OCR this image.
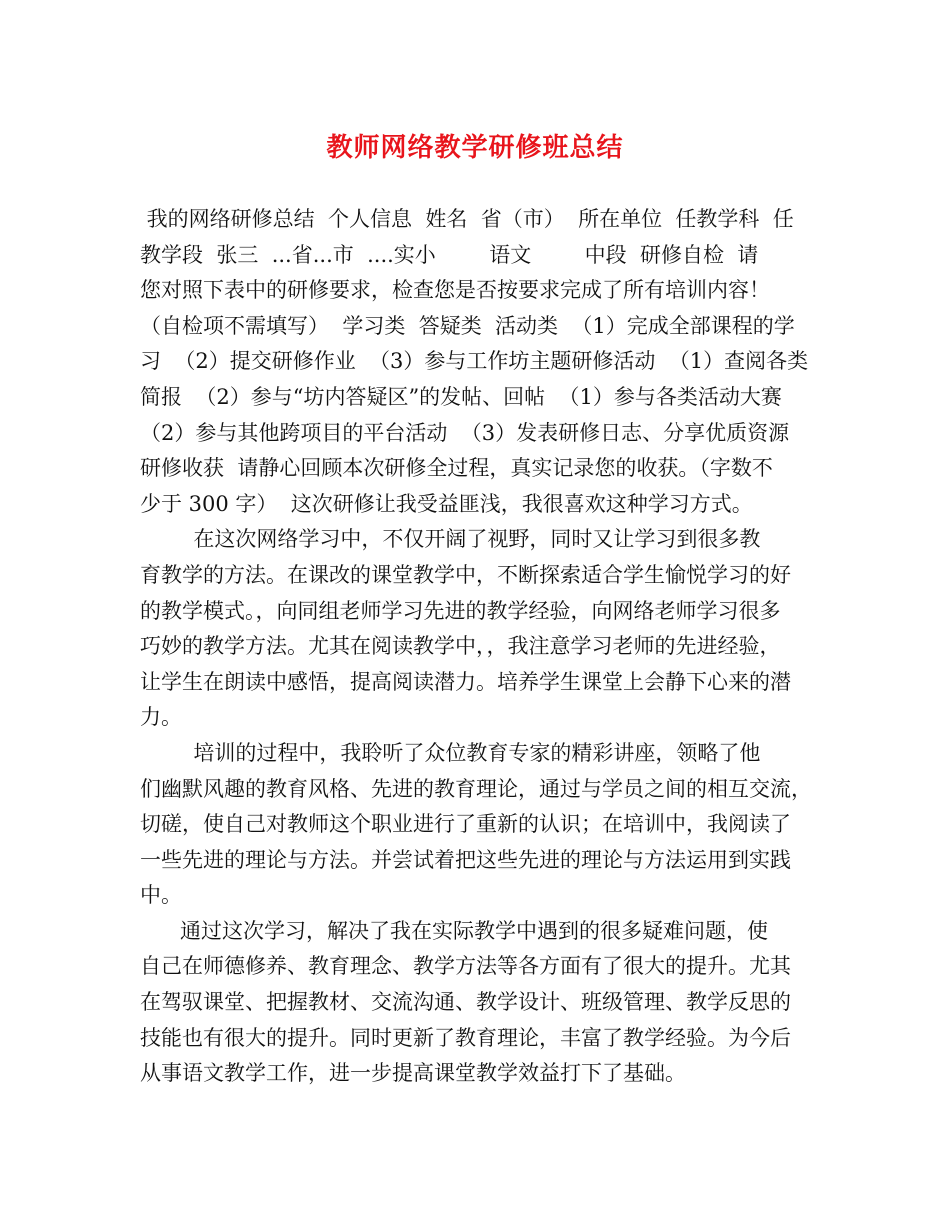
教师网络教学研修班总结
我的网络研修总结  个人信息  姓名  省（市）  所在单位  任教学科  任
教学段  张三  ...省...市  ....实小        语文        中段  研修自检  请
您对照下表中的研修要求，检查您是否按要求完成了所有培训内容！
（自检项不需填写）  学习类  答疑类  活动类  （1）完成全部课程的学
习  （2）提交研修作业  （3）参与工作坊主题研修活动  （1）查阅各类
简报  （2）参与“坊内答疑区”的发帖、回帖  （1）参与各类活动大赛
（2）参与其他跨项目的平台活动  （3）发表研修日志、分享优质资源
研修收获  请静心回顾本次研修全过程，真实记录您的收获。（字数不
少于 300 字）  这次研修让我受益匪浅，我很喜欢这种学习方式。
在这次网络学习中，不仅开阔了视野，同时又让学习到很多教
育教学的方法。在课改的课堂教学中，不断探索适合学生愉悦学习的好
的教学模式。，向同组老师学习先进的教学经验，向网络老师学习很多
巧妙的教学方法。尤其在阅读教学中，，我注意学习老师的先进经验，
让学生在朗读中感悟，提高阅读潜力。培养学生课堂上会静下心来的潜
力。
培训的过程中，我聆听了众位教育专家的精彩讲座，领略了他
们幽默风趣的教育风格、先进的教育理论，通过与学员之间的相互交流，
切磋，使自己对教师这个职业进行了重新的认识；在培训中，我阅读了
一些先进的理论与方法。并尝试着把这些先进的理论与方法运用到实践
中。
通过这次学习，解决了我在实际教学中遇到的很多疑难问题，使
自己在师德修养、教育理念、教学方法等各方面有了很大的提升。尤其
在驾驭课堂、把握教材、交流沟通、教学设计、班级管理、教学反思的
技能也有很大的提升。同时更新了教育理论，丰富了教学经验。为今后
从事语文教学工作，进一步提高课堂教学效益打下了基础。
